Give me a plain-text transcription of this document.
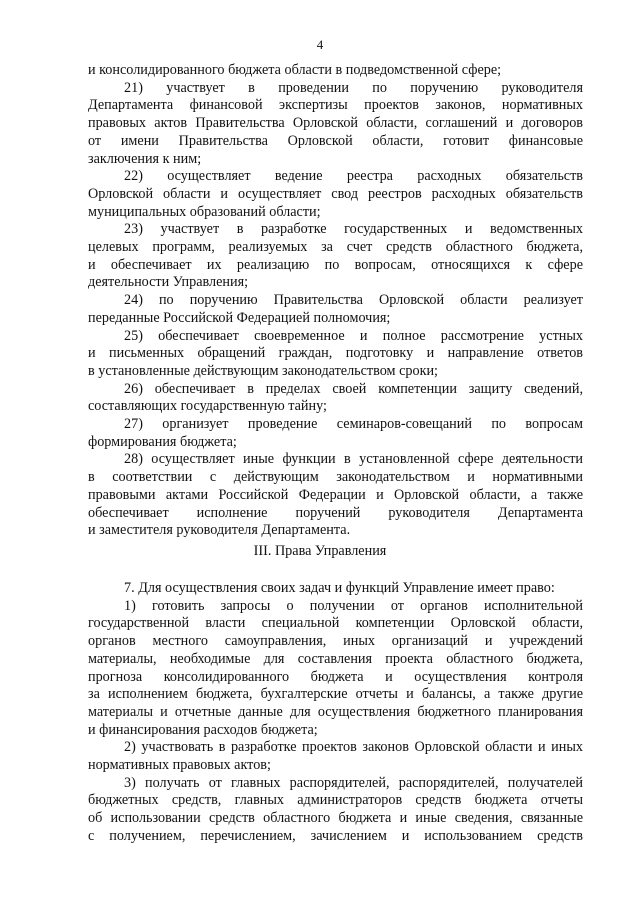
4
и консолидированного бюджета области в подведомственной сфере;
21) участвует в проведении по поручению руководителя
Департамента финансовой экспертизы проектов законов, нормативных
правовых актов Правительства Орловской области, соглашений и договоров
от имени Правительства Орловской области, готовит финансовые
заключения к ним;
22) осуществляет ведение реестра расходных обязательств
Орловской области и осуществляет свод реестров расходных обязательств
муниципальных образований области;
23) участвует в разработке государственных и ведомственных
целевых программ, реализуемых за счет средств областного бюджета,
и обеспечивает их реализацию по вопросам, относящихся к сфере
деятельности Управления;
24) по поручению Правительства Орловской области реализует
переданные Российской Федерацией полномочия;
25) обеспечивает своевременное и полное рассмотрение устных
и письменных обращений граждан, подготовку и направление ответов
в установленные действующим законодательством сроки;
26) обеспечивает в пределах своей компетенции защиту сведений,
составляющих государственную тайну;
27) организует проведение семинаров-совещаний по вопросам
формирования бюджета;
28) осуществляет иные функции в установленной сфере деятельности
в соответствии с действующим законодательством и нормативными
правовыми актами Российской Федерации и Орловской области, а также
обеспечивает исполнение поручений руководителя Департамента
и заместителя руководителя Департамента.
III. Права Управления
7. Для осуществления своих задач и функций Управление имеет право:
1) готовить запросы о получении от органов исполнительной
государственной власти специальной компетенции Орловской области,
органов местного самоуправления, иных организаций и учреждений
материалы, необходимые для составления проекта областного бюджета,
прогноза консолидированного бюджета и осуществления контроля
за исполнением бюджета, бухгалтерские отчеты и балансы, а также другие
материалы и отчетные данные для осуществления бюджетного планирования
и финансирования расходов бюджета;
2) участвовать в разработке проектов законов Орловской области и иных
нормативных правовых актов;
3) получать от главных распорядителей, распорядителей, получателей
бюджетных средств, главных администраторов средств бюджета отчеты
об использовании средств областного бюджета и иные сведения, связанные
с получением, перечислением, зачислением и использованием средств
